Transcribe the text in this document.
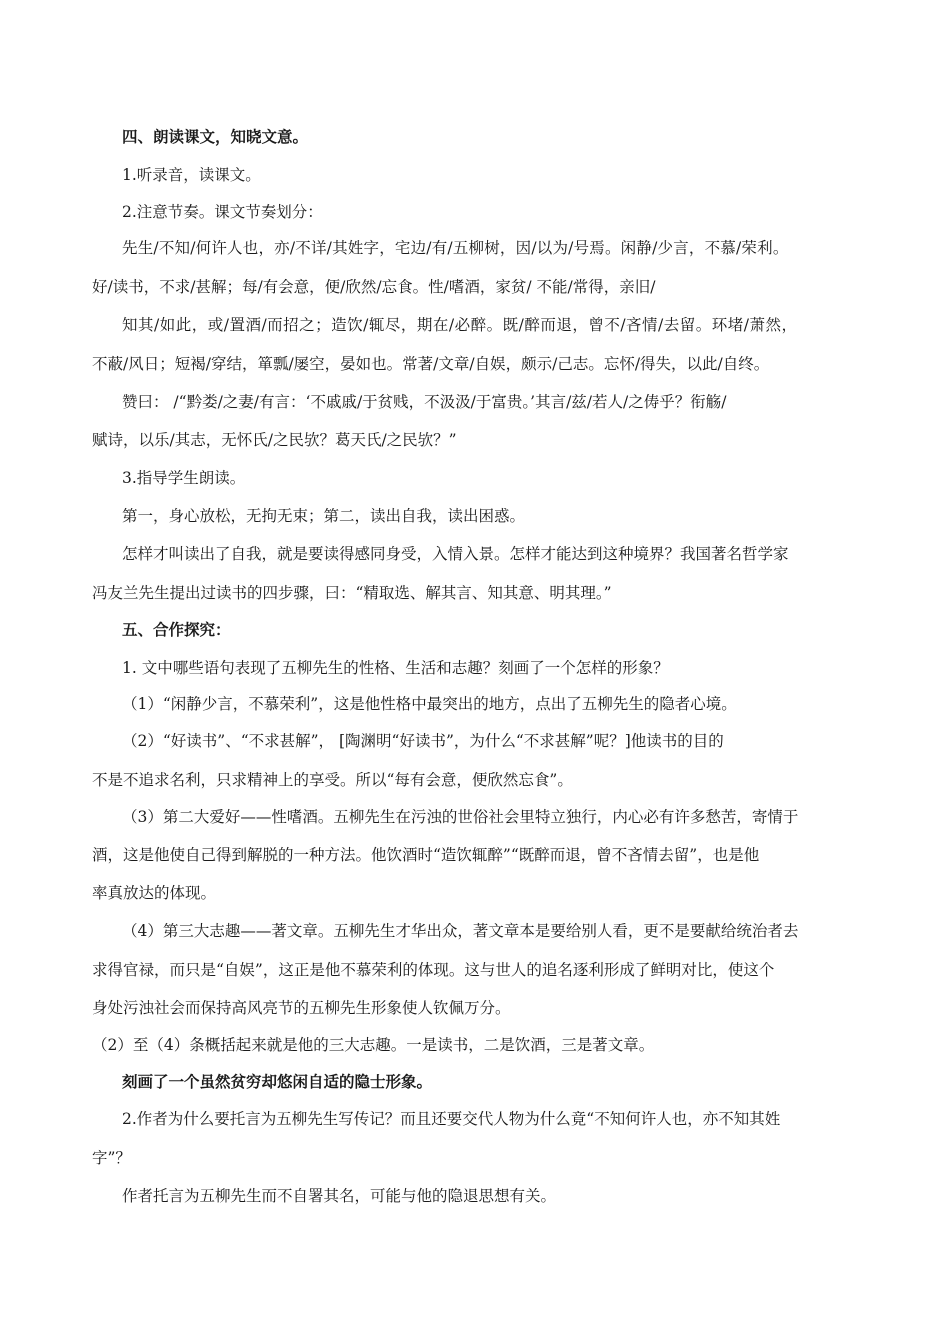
四、朗读课文，知晓文意。
1.听录音，读课文。
2.注意节奏。课文节奏划分：
先生/不知/何许人也，亦/不详/其姓字，宅边/有/五柳树，因/以为/号焉。闲静/少言，不慕/荣利。
好/读书，不求/甚解；每/有会意，便/欣然/忘食。性/嗜酒，家贫/ 不能/常得，亲旧/
知其/如此，或/置酒/而招之；造饮/辄尽，期在/必醉。既/醉而退，曾不/吝情/去留。环堵/萧然，
不蔽/风日；短褐/穿结，箪瓢/屡空，晏如也。常著/文章/自娱，颇示/己志。忘怀/得失，以此/自终。
赞曰： /“黔娄/之妻/有言：‘不戚戚/于贫贱，不汲汲/于富贵。’其言/兹/若人/之俦乎？衔觞/
赋诗，以乐/其志，无怀氏/之民欤？葛天氏/之民欤？”
3.指导学生朗读。
第一，身心放松，无拘无束；第二，读出自我，读出困惑。
怎样才叫读出了自我，就是要读得感同身受，入情入景。怎样才能达到这种境界？我国著名哲学家
冯友兰先生提出过读书的四步骤，曰：“精取选、解其言、知其意、明其理。”
五、合作探究：
1. 文中哪些语句表现了五柳先生的性格、生活和志趣？刻画了一个怎样的形象？
（1）“闲静少言，不慕荣利”，这是他性格中最突出的地方，点出了五柳先生的隐者心境。
（2）“好读书”、“不求甚解”， [陶渊明“好读书”，为什么“不求甚解”呢？]他读书的目的
不是不追求名利，只求精神上的享受。所以“每有会意，便欣然忘食”。
（3）第二大爱好——性嗜酒。五柳先生在污浊的世俗社会里特立独行，内心必有许多愁苦，寄情于
酒，这是他使自己得到解脱的一种方法。他饮酒时“造饮辄醉”“既醉而退，曾不吝情去留”，也是他
率真放达的体现。
（4）第三大志趣——著文章。五柳先生才华出众，著文章本是要给别人看，更不是要献给统治者去
求得官禄，而只是“自娱”，这正是他不慕荣利的体现。这与世人的追名逐利形成了鲜明对比，使这个
身处污浊社会而保持高风亮节的五柳先生形象使人钦佩万分。
（2）至（4）条概括起来就是他的三大志趣。一是读书，二是饮酒，三是著文章。
刻画了一个虽然贫穷却悠闲自适的隐士形象。
2.作者为什么要托言为五柳先生写传记？而且还要交代人物为什么竟“不知何许人也，亦不知其姓
字”？
作者托言为五柳先生而不自署其名，可能与他的隐退思想有关。
